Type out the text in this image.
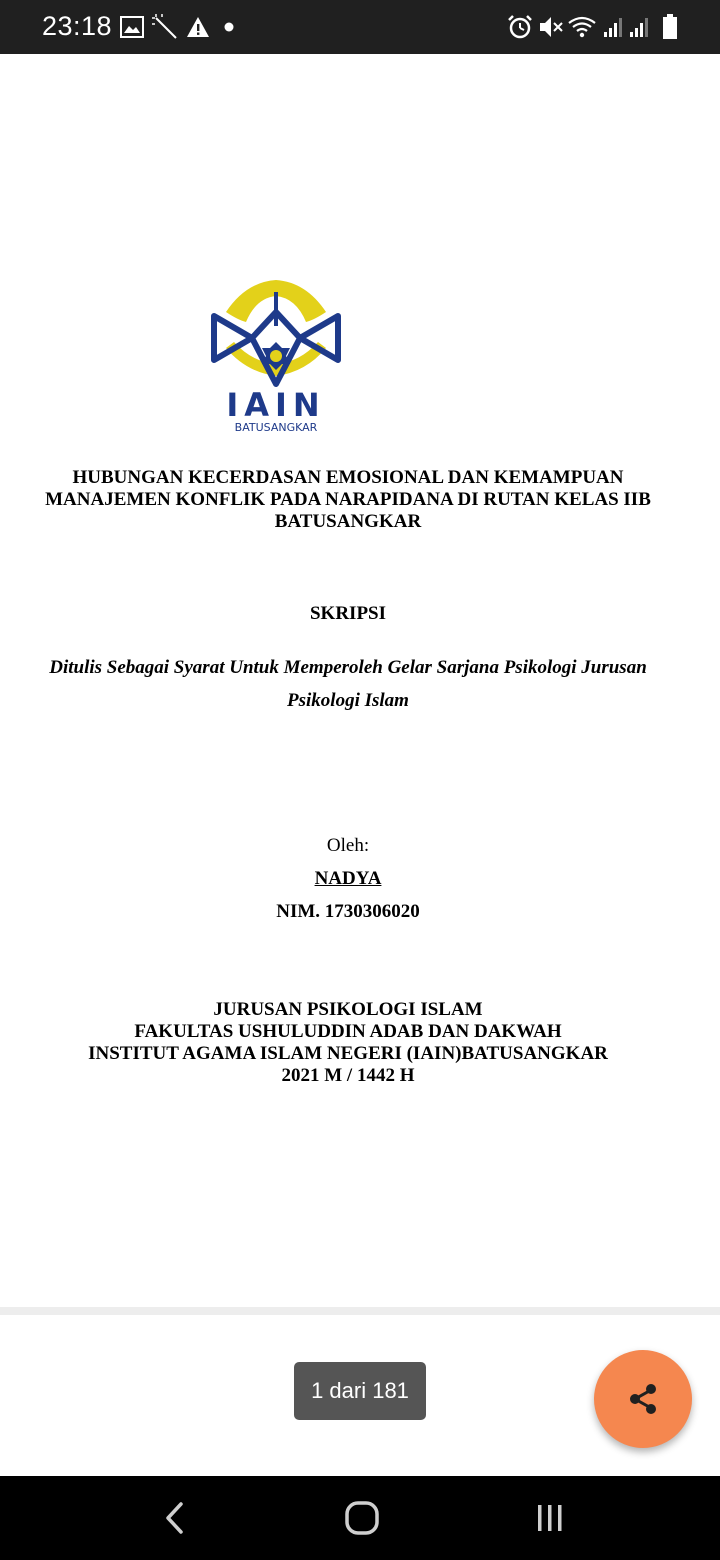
23:18
IAIN
BATUSANGKAR
HUBUNGAN KECERDASAN EMOSIONAL DAN KEMAMPUAN
MANAJEMEN KONFLIK PADA NARAPIDANA DI RUTAN KELAS IIB
BATUSANGKAR
SKRIPSI
Ditulis Sebagai Syarat Untuk Memperoleh Gelar Sarjana Psikologi Jurusan
Psikologi Islam
Oleh:
NADYA
NIM. 1730306020
JURUSAN PSIKOLOGI ISLAM
FAKULTAS USHULUDDIN ADAB DAN DAKWAH
INSTITUT AGAMA ISLAM NEGERI (IAIN)BATUSANGKAR
2021 M / 1442 H
1 dari 181
